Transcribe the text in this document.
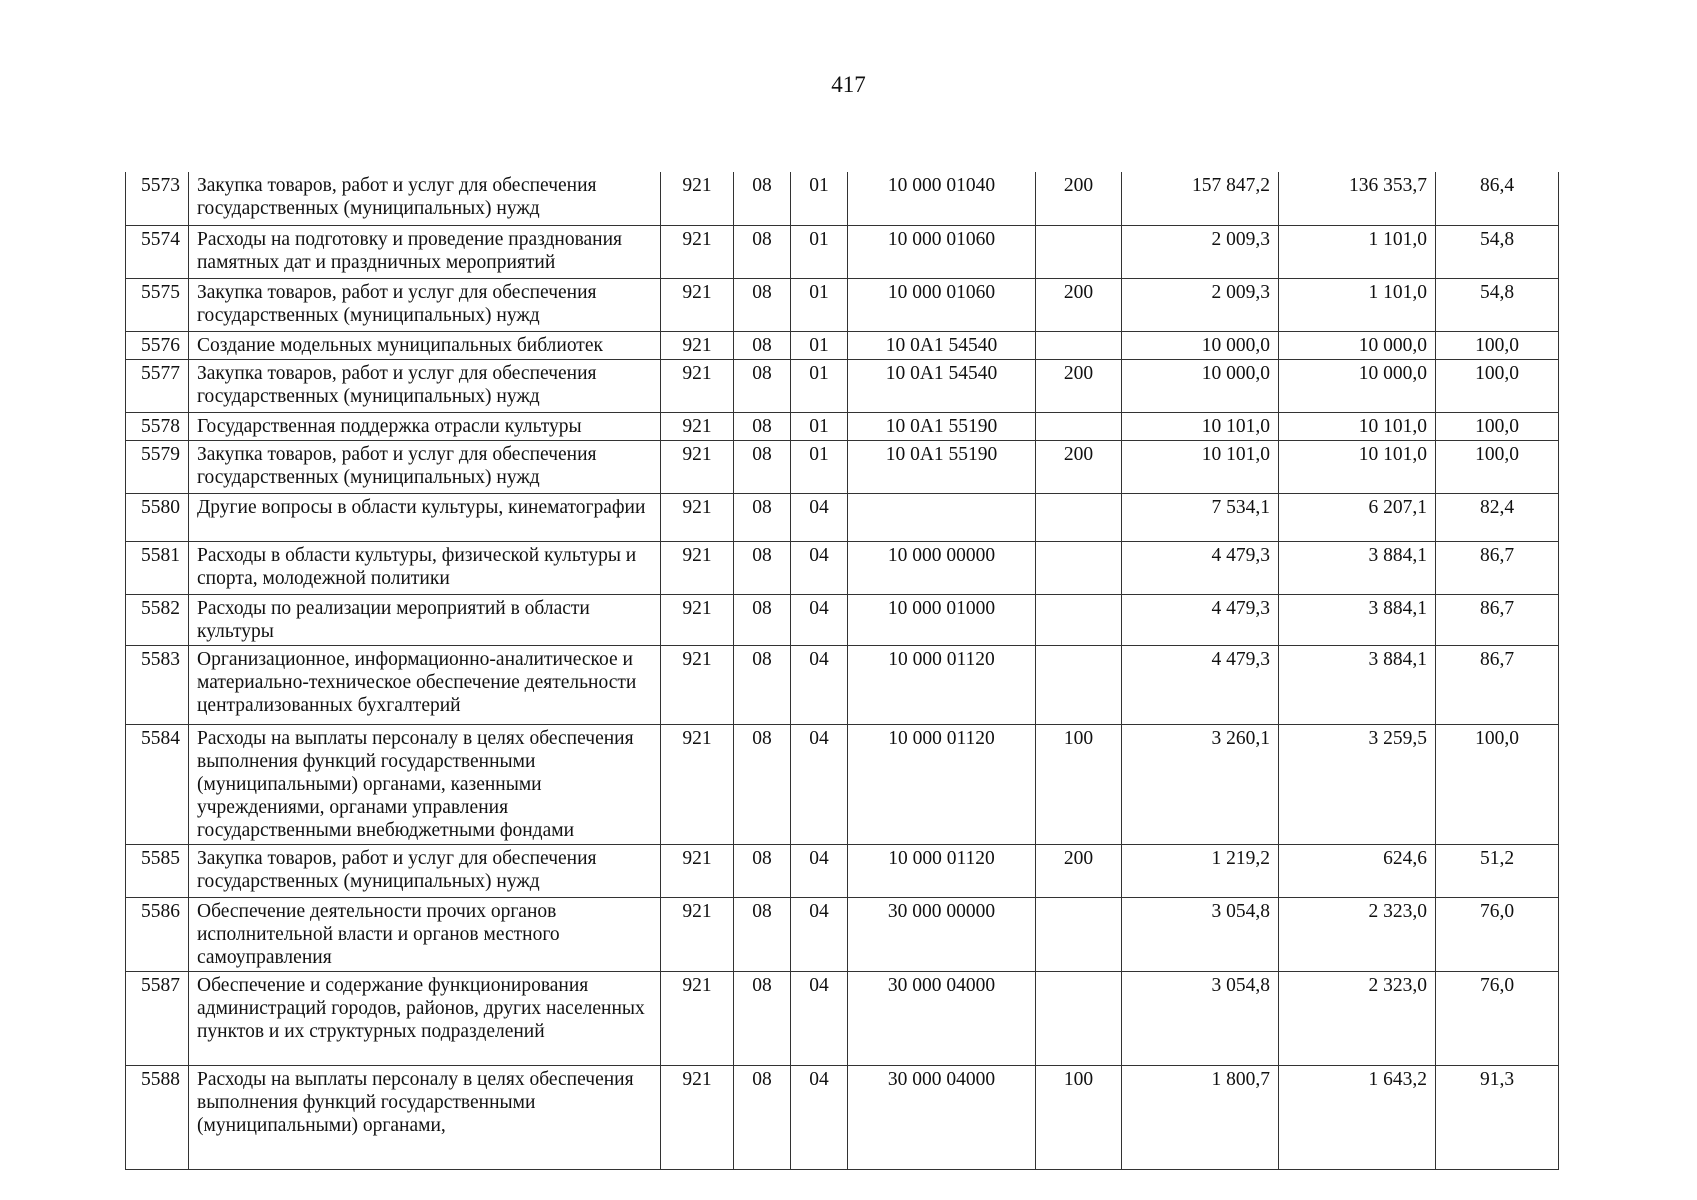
417
5573	Закупка товаров, работ и услуг для обеспечения государственных (муниципальных) нужд	921	08	01	10 000 01040	200	157 847,2	136 353,7	86,4
5574	Расходы на подготовку и проведение празднования памятных дат и праздничных мероприятий	921	08	01	10 000 01060		2 009,3	1 101,0	54,8
5575	Закупка товаров, работ и услуг для обеспечения государственных (муниципальных) нужд	921	08	01	10 000 01060	200	2 009,3	1 101,0	54,8
5576	Создание модельных муниципальных библиотек	921	08	01	10 0А1 54540		10 000,0	10 000,0	100,0
5577	Закупка товаров, работ и услуг для обеспечения государственных (муниципальных) нужд	921	08	01	10 0А1 54540	200	10 000,0	10 000,0	100,0
5578	Государственная поддержка отрасли культуры	921	08	01	10 0А1 55190		10 101,0	10 101,0	100,0
5579	Закупка товаров, работ и услуг для обеспечения государственных (муниципальных) нужд	921	08	01	10 0А1 55190	200	10 101,0	10 101,0	100,0
5580	Другие вопросы в области культуры, кинематографии	921	08	04			7 534,1	6 207,1	82,4
5581	Расходы в области культуры, физической культуры и спорта, молодежной политики	921	08	04	10 000 00000		4 479,3	3 884,1	86,7
5582	Расходы по реализации мероприятий в области культуры	921	08	04	10 000 01000		4 479,3	3 884,1	86,7
5583	Организационное, информационно-аналитическое и материально-техническое обеспечение деятельности централизованных бухгалтерий	921	08	04	10 000 01120		4 479,3	3 884,1	86,7
5584	Расходы на выплаты персоналу в целях обеспечения выполнения функций государственными (муниципальными) органами, казенными учреждениями, органами управления государственными внебюджетными фондами	921	08	04	10 000 01120	100	3 260,1	3 259,5	100,0
5585	Закупка товаров, работ и услуг для обеспечения государственных (муниципальных) нужд	921	08	04	10 000 01120	200	1 219,2	624,6	51,2
5586	Обеспечение деятельности прочих органов исполнительной власти и органов местного самоуправления	921	08	04	30 000 00000		3 054,8	2 323,0	76,0
5587	Обеспечение и содержание функционирования администраций городов, районов, других населенных пунктов и их структурных подразделений	921	08	04	30 000 04000		3 054,8	2 323,0	76,0
5588	Расходы на выплаты персоналу в целях обеспечения выполнения функций государственными (муниципальными) органами,	921	08	04	30 000 04000	100	1 800,7	1 643,2	91,3
